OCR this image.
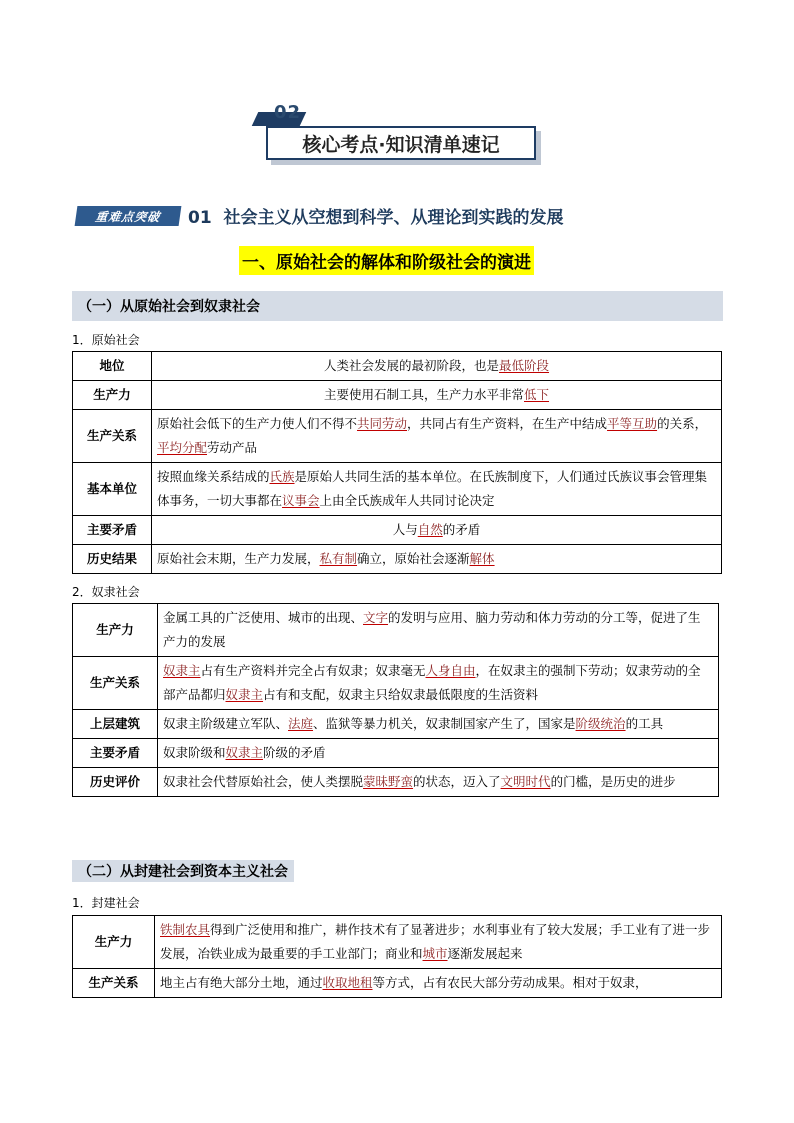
02
核心考点·知识清单速记
重难点突破	01 社会主义从空想到科学、从理论到实践的发展
一、原始社会的解体和阶级社会的演进
（一）从原始社会到奴隶社会
1．原始社会
地位	人类社会发展的最初阶段，也是最低阶段
生产力	主要使用石制工具，生产力水平非常低下
生产关系	原始社会低下的生产力使人们不得不共同劳动，共同占有生产资料，在生产中结成平等互助的关系，平均分配劳动产品
基本单位	按照血缘关系结成的氏族是原始人共同生活的基本单位。在氏族制度下，人们通过氏族议事会管理集体事务，一切大事都在议事会上由全氏族成年人共同讨论决定
主要矛盾	人与自然的矛盾
历史结果	原始社会末期，生产力发展，私有制确立，原始社会逐渐解体
2．奴隶社会
生产力	金属工具的广泛使用、城市的出现、文字的发明与应用、脑力劳动和体力劳动的分工等，促进了生产力的发展
生产关系	奴隶主占有生产资料并完全占有奴隶；奴隶毫无人身自由，在奴隶主的强制下劳动；奴隶劳动的全部产品都归奴隶主占有和支配，奴隶主只给奴隶最低限度的生活资料
上层建筑	奴隶主阶级建立军队、法庭、监狱等暴力机关，奴隶制国家产生了，国家是阶级统治的工具
主要矛盾	奴隶阶级和奴隶主阶级的矛盾
历史评价	奴隶社会代替原始社会，使人类摆脱蒙昧野蛮的状态，迈入了文明时代的门槛，是历史的进步
（二）从封建社会到资本主义社会
1．封建社会
生产力	铁制农具得到广泛使用和推广，耕作技术有了显著进步；水利事业有了较大发展；手工业有了进一步发展，冶铁业成为最重要的手工业部门；商业和城市逐渐发展起来
生产关系	地主占有绝大部分土地，通过收取地租等方式，占有农民大部分劳动成果。相对于奴隶，
